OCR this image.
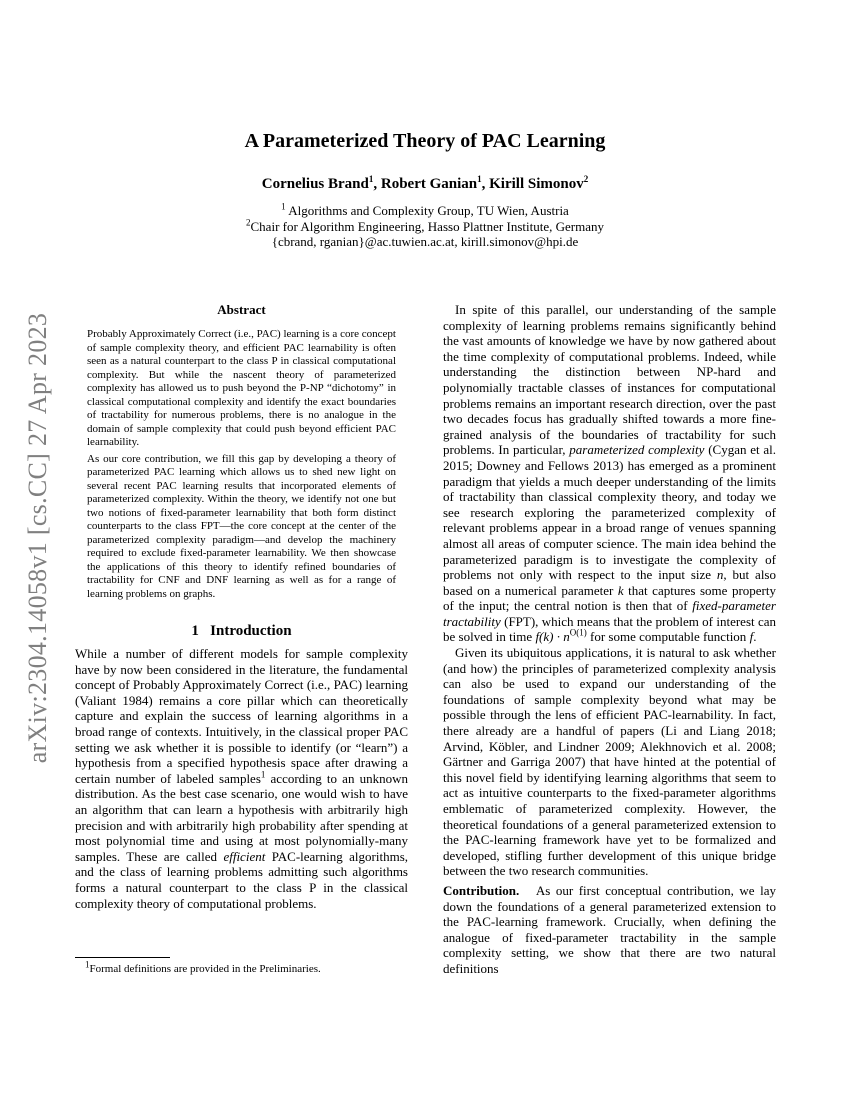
arXiv:2304.14058v1 [cs.CC] 27 Apr 2023
A Parameterized Theory of PAC Learning
Cornelius Brand$^1$, Robert Ganian$^1$, Kirill Simonov$^2$
$^1$ Algorithms and Complexity Group, TU Wien, Austria
$^2$Chair for Algorithm Engineering, Hasso Plattner Institute, Germany
{cbrand, rganian}@ac.tuwien.ac.at, kirill.simonov@hpi.de
Abstract

Probably Approximately Correct (i.e., PAC) learning is a core concept of sample complexity theory, and efficient PAC learnability is often seen as a natural counterpart to the class P in classical computational complexity. But while the nascent theory of parameterized complexity has allowed us to push beyond the P-NP “dichotomy” in classical computational complexity and identify the exact boundaries of tractability for numerous problems, there is no analogue in the domain of sample complexity that could push beyond efficient PAC learnability.

As our core contribution, we fill this gap by developing a theory of parameterized PAC learning which allows us to shed new light on several recent PAC learning results that incorporated elements of parameterized complexity. Within the theory, we identify not one but two notions of fixed-parameter learnability that both form distinct counterparts to the class FPT—the core concept at the center of the parameterized complexity paradigm—and develop the machinery required to exclude fixed-parameter learnability. We then showcase the applications of this theory to identify refined boundaries of tractability for CNF and DNF learning as well as for a range of learning problems on graphs.

1 Introduction

While a number of different models for sample complexity have by now been considered in the literature, the fundamental concept of Probably Approximately Correct (i.e., PAC) learning (Valiant 1984) remains a core pillar which can theoretically capture and explain the success of learning algorithms in a broad range of contexts. Intuitively, in the classical proper PAC setting we ask whether it is possible to identify (or “learn”) a hypothesis from a specified hypothesis space after drawing a certain number of labeled samples$^1$ according to an unknown distribution. As the best case scenario, one would wish to have an algorithm that can learn a hypothesis with arbitrarily high precision and with arbitrarily high probability after spending at most polynomial time and using at most polynomially-many samples. These are called efficient PAC-learning algorithms, and the class of learning problems admitting such algorithms forms a natural counterpart to the class P in the classical complexity theory of computational problems.

In spite of this parallel, our understanding of the sample complexity of learning problems remains significantly behind the vast amounts of knowledge we have by now gathered about the time complexity of computational problems. Indeed, while understanding the distinction between NP-hard and polynomially tractable classes of instances for computational problems remains an important research direction, over the past two decades focus has gradually shifted towards a more fine-grained analysis of the boundaries of tractability for such problems. In particular, parameterized complexity (Cygan et al. 2015; Downey and Fellows 2013) has emerged as a prominent paradigm that yields a much deeper understanding of the limits of tractability than classical complexity theory, and today we see research exploring the parameterized complexity of relevant problems appear in a broad range of venues spanning almost all areas of computer science. The main idea behind the parameterized paradigm is to investigate the complexity of problems not only with respect to the input size n, but also based on a numerical parameter k that captures some property of the input; the central notion is then that of fixed-parameter tractability (FPT), which means that the problem of interest can be solved in time $f(k) \cdot n^{O(1)}$ for some computable function f.

Given its ubiquitous applications, it is natural to ask whether (and how) the principles of parameterized complexity analysis can also be used to expand our understanding of the foundations of sample complexity beyond what may be possible through the lens of efficient PAC-learnability. In fact, there already are a handful of papers (Li and Liang 2018; Arvind, Köbler, and Lindner 2009; Alekhnovich et al. 2008; Gärtner and Garriga 2007) that have hinted at the potential of this novel field by identifying learning algorithms that seem to act as intuitive counterparts to the fixed-parameter algorithms emblematic of parameterized complexity. However, the theoretical foundations of a general parameterized extension to the PAC-learning framework have yet to be formalized and developed, stifling further development of this unique bridge between the two research communities.

Contribution. As our first conceptual contribution, we lay down the foundations of a general parameterized extension to the PAC-learning framework. Crucially, when defining the analogue of fixed-parameter tractability in the sample complexity setting, we show that there are two natural definitions

$^1$Formal definitions are provided in the Preliminaries.
